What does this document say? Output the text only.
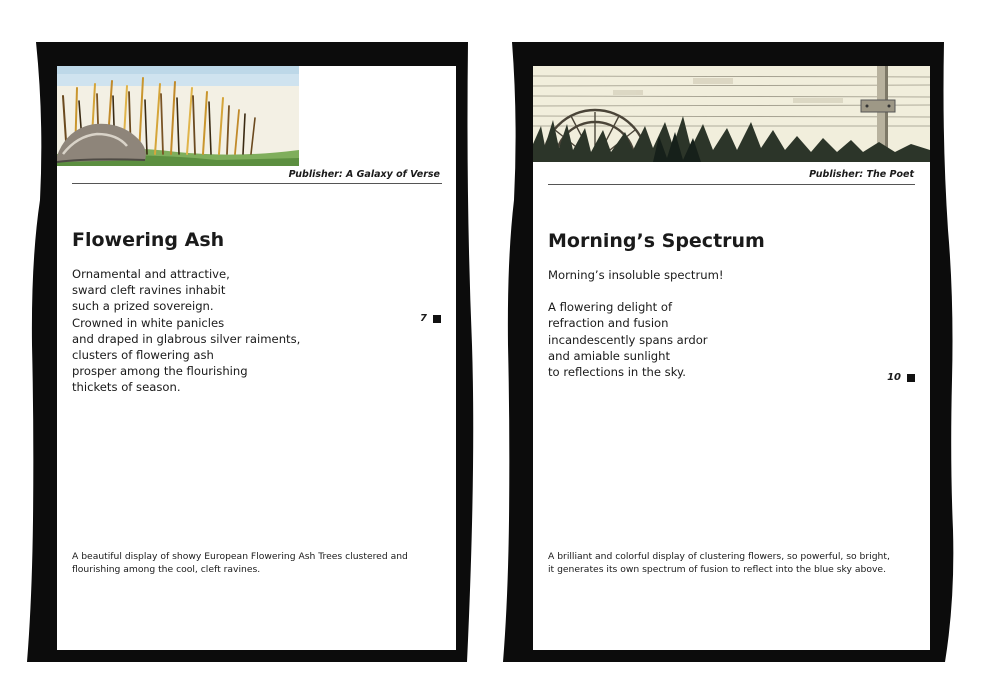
Publisher: A Galaxy of Verse
Flowering Ash

Ornamental and attractive,

sward cleft ravines inhabit

such a prized sovereign.

Crowned in white panicles

and draped in glabrous silver raiments,

clusters of flowering ash

prosper among the flourishing

thickets of season.

7

A beautiful display of showy European Flowering Ash Trees clustered and flourishing among the cool, cleft ravines.

Publisher: The Poet
Morning’s Spectrum

Morning’s insoluble spectrum!

A flowering delight of

refraction and fusion

incandescently spans ardor

and amiable sunlight

to reflections in the sky.	10

A brilliant and colorful display of clustering flowers, so powerful, so bright, it generates its own spectrum of fusion to reflect into the blue sky above.
